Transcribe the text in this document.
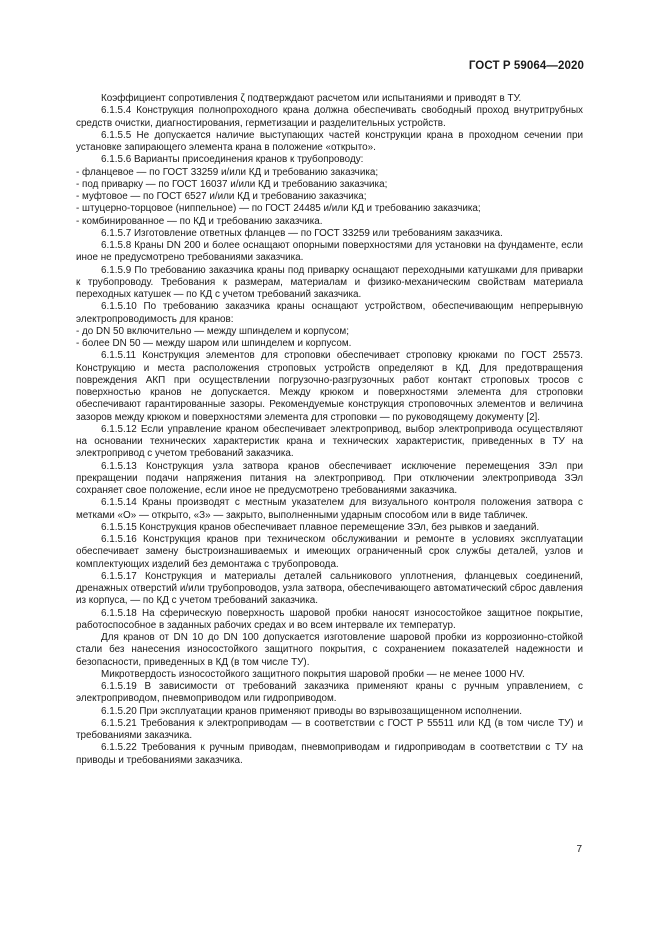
ГОСТ Р 59064—2020

Коэффициент сопротивления ζ подтверждают расчетом или испытаниями и приводят в ТУ.

6.1.5.4 Конструкция полнопроходного крана должна обеспечивать свободный проход внутритрубных средств очистки, диагностирования, герметизации и разделительных устройств.

6.1.5.5 Не допускается наличие выступающих частей конструкции крана в проходном сечении при установке запирающего элемента крана в положение «открыто».

6.1.5.6 Варианты присоединения кранов к трубопроводу:

- фланцевое — по ГОСТ 33259 и/или КД и требованию заказчика;

- под приварку — по ГОСТ 16037 и/или КД и требованию заказчика;

- муфтовое — по ГОСТ 6527 и/или КД и требованию заказчика;

- штуцерно-торцовое (ниппельное) — по ГОСТ 24485 и/или КД и требованию заказчика;

- комбинированное — по КД и требованию заказчика.

6.1.5.7 Изготовление ответных фланцев — по ГОСТ 33259 или требованиям заказчика.

6.1.5.8 Краны DN 200 и более оснащают опорными поверхностями для установки на фундаменте, если иное не предусмотрено требованиями заказчика.

6.1.5.9 По требованию заказчика краны под приварку оснащают переходными катушками для приварки к трубопроводу. Требования к размерам, материалам и физико-механическим свойствам материала переходных катушек — по КД с учетом требований заказчика.

6.1.5.10 По требованию заказчика краны оснащают устройством, обеспечивающим непрерывную электропроводимость для кранов:

- до DN 50 включительно — между шпинделем и корпусом;

- более DN 50 — между шаром или шпинделем и корпусом.

6.1.5.11 Конструкция элементов для строповки обеспечивает строповку крюками по ГОСТ 25573. Конструкцию и места расположения строповых устройств определяют в КД. Для предотвращения повреждения АКП при осуществлении погрузочно-разгрузочных работ контакт строповых тросов с поверхностью кранов не допускается. Между крюком и поверхностями элемента для строповки обеспечивают гарантированные зазоры. Рекомендуемые конструкция строповочных элементов и величина зазоров между крюком и поверхностями элемента для строповки — по руководящему документу [2].

6.1.5.12 Если управление краном обеспечивает электропривод, выбор электропривода осуществляют на основании технических характеристик крана и технических характеристик, приведенных в ТУ на электропривод с учетом требований заказчика.

6.1.5.13 Конструкция узла затвора кранов обеспечивает исключение перемещения ЗЭл при прекращении подачи напряжения питания на электропривод. При отключении электропривода ЗЭл сохраняет свое положение, если иное не предусмотрено требованиями заказчика.

6.1.5.14 Краны производят с местным указателем для визуального контроля положения затвора с метками «О» — открыто, «З» — закрыто, выполненными ударным способом или в виде табличек.

6.1.5.15 Конструкция кранов обеспечивает плавное перемещение ЗЭл, без рывков и заеданий.

6.1.5.16 Конструкция кранов при техническом обслуживании и ремонте в условиях эксплуатации обеспечивает замену быстроизнашиваемых и имеющих ограниченный срок службы деталей, узлов и комплектующих изделий без демонтажа с трубопровода.

6.1.5.17 Конструкция и материалы деталей сальникового уплотнения, фланцевых соединений, дренажных отверстий и/или трубопроводов, узла затвора, обеспечивающего автоматический сброс давления из корпуса, — по КД с учетом требований заказчика.

6.1.5.18 На сферическую поверхность шаровой пробки наносят износостойкое защитное покрытие, работоспособное в заданных рабочих средах и во всем интервале их температур.

Для кранов от DN 10 до DN 100 допускается изготовление шаровой пробки из коррозионно-стойкой стали без нанесения износостойкого защитного покрытия, с сохранением показателей надежности и безопасности, приведенных в КД (в том числе ТУ).

Микротвердость износостойкого защитного покрытия шаровой пробки — не менее 1000 HV.

6.1.5.19 В зависимости от требований заказчика применяют краны с ручным управлением, с электроприводом, пневмоприводом или гидроприводом.

6.1.5.20 При эксплуатации кранов применяют приводы во взрывозащищенном исполнении.

6.1.5.21 Требования к электроприводам — в соответствии с ГОСТ Р 55511 или КД (в том числе ТУ) и требованиями заказчика.

6.1.5.22 Требования к ручным приводам, пневмоприводам и гидроприводам в соответствии с ТУ на приводы и требованиями заказчика.

7
